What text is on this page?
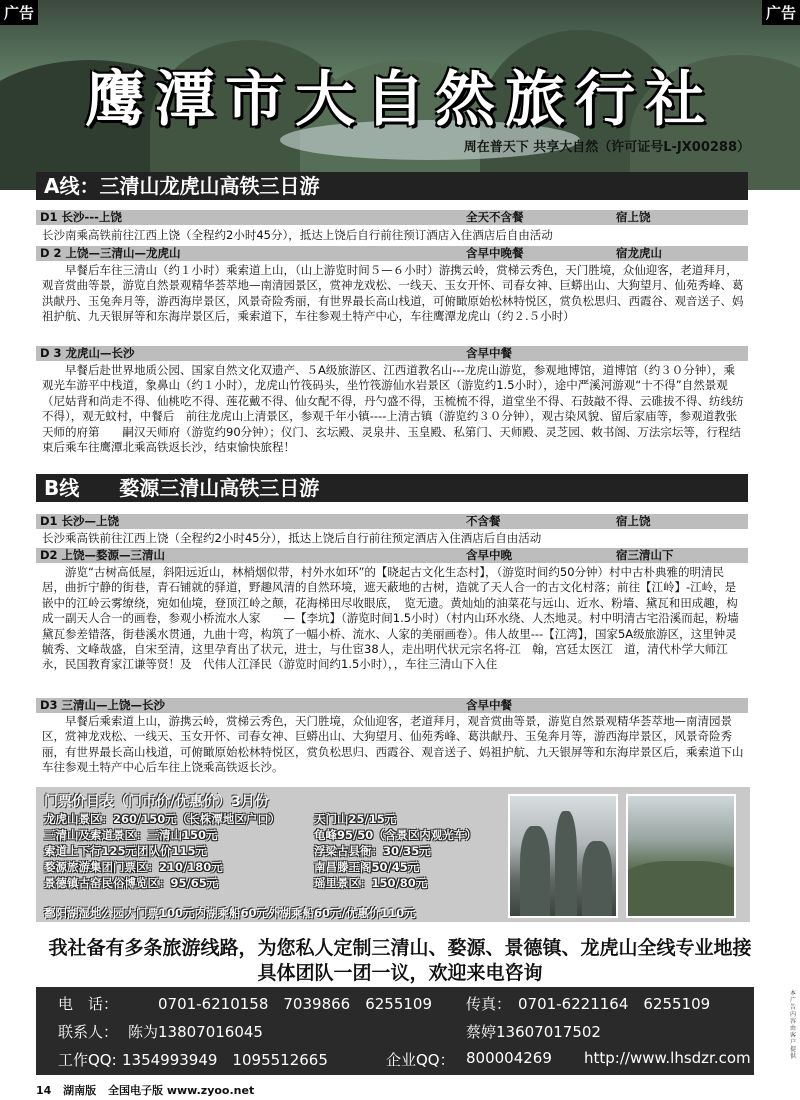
鹰潭市大自然旅行社
周在普天下 共享大自然（许可证号L-JX00288）
广告	广告
A线：三清山龙虎山高铁三日游
D1 长沙---上饶	全天不含餐	宿上饶
长沙南乘高铁前往江西上饶（全程约2小时45分），抵达上饶后自行前往预订酒店入住酒店后自由活动
D 2 上饶—三清山—龙虎山	含早中晚餐	宿龙虎山
早餐后车往三清山（约１小时）乘索道上山，（山上游览时间５—６小时）游携云岭，赏梯云秀色，天门胜境，众仙迎客，老道拜月，观音赏曲等景，游览自然景观精华荟萃地—南清园景区，赏神龙戏松、一线天、玉女开怀、司春女神、巨蟒出山、大狗望月、仙苑秀峰、葛洪献丹、玉兔奔月等，游西海岸景区，风景奇险秀丽，有世界最长高山栈道，可俯瞰原始松林特悦区，赏负松思归、西霞谷、观音送子、妈祖护航、九天银屏等和东海岸景区后，乘索道下，车往参观土特产中心，车往鹰潭龙虎山（约２.５小时）
D 3 龙虎山—长沙	含早中餐
早餐后赴世界地质公园、国家自然文化双遗产、５A级旅游区、江西道教名山---龙虎山游览，参观地博馆，道博馆（约３０分钟），乘观光车游平中栈道，象鼻山（约１小时），龙虎山竹筏码头，坐竹筏游仙水岩景区（游览约1.5小时），途中严溪河游观“十不得”自然景观（尼姑背和尚走不得、仙桃吃不得、莲花戴不得、仙女配不得，丹勺盛不得，玉梳梳不得，道堂坐不得、石鼓敲不得、云碓拔不得、纺线纺不得），观无蚊村，中餐后　前往龙虎山上清景区，参观千年小镇----上清古镇（游览约３０分钟），观古染风貌、留后家庙等，参观道教张天师的府第　　嗣汉天师府（游览约90分钟）；仪门、玄坛殿、灵泉井、玉皇殿、私第门、天师殿、灵芝园、敕书阁、万法宗坛等，行程结束后乘车往鹰潭北乘高铁返长沙，结束愉快旅程！
B线　　婺源三清山高铁三日游
D1 长沙—上饶	不含餐	宿上饶
长沙乘高铁前往江西上饶（全程约2小时45分），抵达上饶后自行前往预定酒店入住酒店后自由活动
D2 上饶—婺源—三清山	含早中晚	宿三清山下
游览“古树高低屋，斜阳远近山，林梢烟似带，村外水如环”的【晓起古文化生态村】，（游览时间约50分钟）村中古朴典雅的明清民居，曲折宁静的街巷，青石铺就的驿道，野趣风清的自然环境，遮天蔽地的古树，造就了天人合一的古文化村落；前往【江岭】-江岭，是嵌中的江岭云雾缭绕，宛如仙境，登顶江岭之颠，花海梯田尽收眼底，　览无遗。黄灿灿的油菜花与远山、近水、粉墙、黛瓦和田成趣，构成一副天人合一的画卷，参观小桥流水人家　　—【李坑】（游览时间1.5小时）（村内山环水绕、人杰地灵。村中明清古宅沿溪而起，粉墙黛瓦参差错落，街巷溪水贯通，九曲十弯，构筑了一幅小桥、流水、人家的美丽画卷）。伟人故里---【江湾】，国家5A级旅游区，这里钟灵毓秀、文峰哉盛，自宋至清，这里孕育出了状元，进士，与仕宦38人，走出明代状元宗名将-江　翰，宫廷太医江　道，清代朴学大师江永，民国教育家江谦等贤！及　代伟人江泽民（游览时间约1.5小时），，车往三清山下入住
D3 三清山—上饶—长沙	含早中餐
早餐后乘索道上山，游携云岭，赏梯云秀色，天门胜境，众仙迎客，老道拜月，观音赏曲等景，游览自然景观精华荟萃地—南清园景区，赏神龙戏松、一线天、玉女开怀、司春女神、巨蟒出山、大狗望月、仙苑秀峰、葛洪献丹、玉兔奔月等，游西海岸景区，风景奇险秀丽，有世界最长高山栈道，可俯瞰原始松林特悦区，赏负松思归、西霞谷、观音送子、妈祖护航、九天银屏等和东海岸景区后，乘索道下山车往参观土特产中心后车往上饶乘高铁返长沙。
门票价目表（门市价/优惠价）3月份
龙虎山景区：260/150元（长株潭地区户口）
三清山及索道景区：三清山150元
索道上下行125元团队价115元
婺源旅游集团门票区：210/180元
景德镇古窑民俗博览区：95/65元
天门山25/15元
龟峰95/50（含景区内观光车）
浮梁古县衙：30/35元
南昌滕王阁50/45元
瑶里景区：150/80元
鄱阳湖湿地公园大门票100元内湖乘船60元外湖乘船60元/优惠价110元
我社备有多条旅游线路，为您私人定制三清山、婺源、景德镇、龙虎山全线专业地接
具体团队一团一议，欢迎来电咨询
电　话：	0701-6210158　7039866　6255109 传真： 0701-6221164　6255109
联系人： 陈为13807016045	蔡婷13607017502
工作QQ: 1354993949　1095512665	企业QQ： 800004269 http://www.lhsdzr.com
本广告内容由客户提供
14 湖南版 全国电子版 www.zyoo.net
